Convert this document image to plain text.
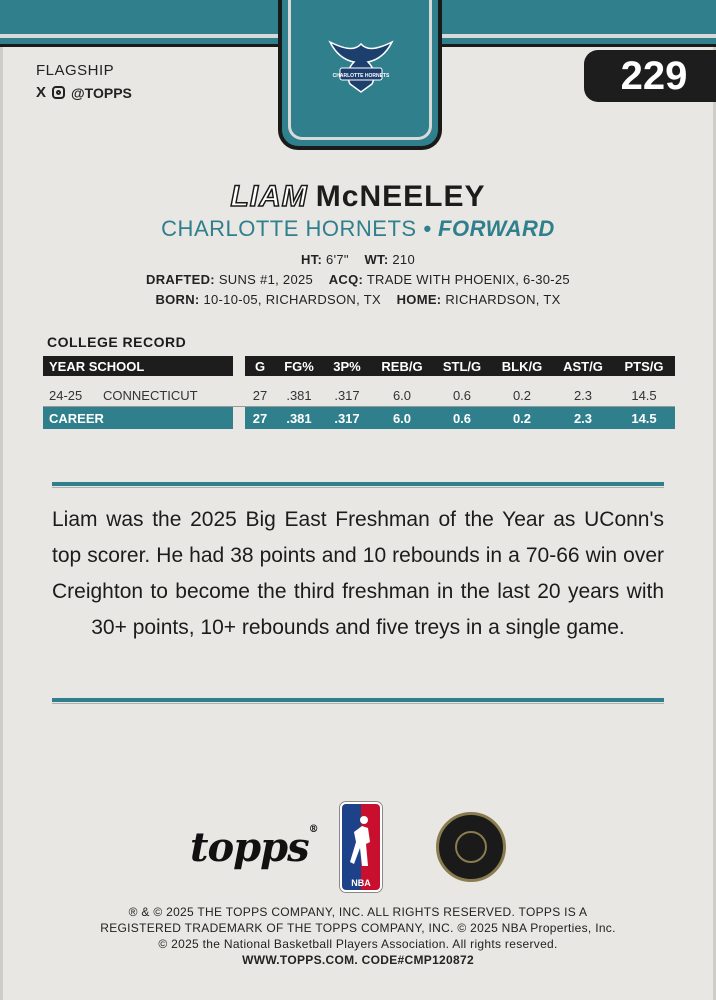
CHARLOTTE HORNETS
FLAGSHIP
X @TOPPS	229
LIAM McNEELEY
CHARLOTTE HORNETS • FORWARD
HT: 6'7" WT: 210
DRAFTED: SUNS #1, 2025 ACQ: TRADE WITH PHOENIX, 6-30-25
BORN: 10-10-05, RICHARDSON, TX HOME: RICHARDSON, TX
COLLEGE RECORD
YEAR SCHOOL	G	FG%	3P%	REB/G	STL/G	BLK/G	AST/G	PTS/G
24-25	CONNECTICUT	27	.381	.317	6.0	0.6	0.2	2.3	14.5
CAREER	27	.381	.317	6.0	0.6	0.2	2.3	14.5
Liam was the 2025 Big East Freshman of the Year as UConn's top scorer. He had 38 points and 10 rebounds in a 70-66 win over Creighton to become the third freshman in the last 20 years with 30+ points, 10+ rebounds and five treys in a single game.
topps®
NBA
® & © 2025 THE TOPPS COMPANY, INC. ALL RIGHTS RESERVED. TOPPS IS A
REGISTERED TRADEMARK OF THE TOPPS COMPANY, INC. © 2025 NBA Properties, Inc.
© 2025 the National Basketball Players Association. All rights reserved.
WWW.TOPPS.COM. CODE#CMP120872
